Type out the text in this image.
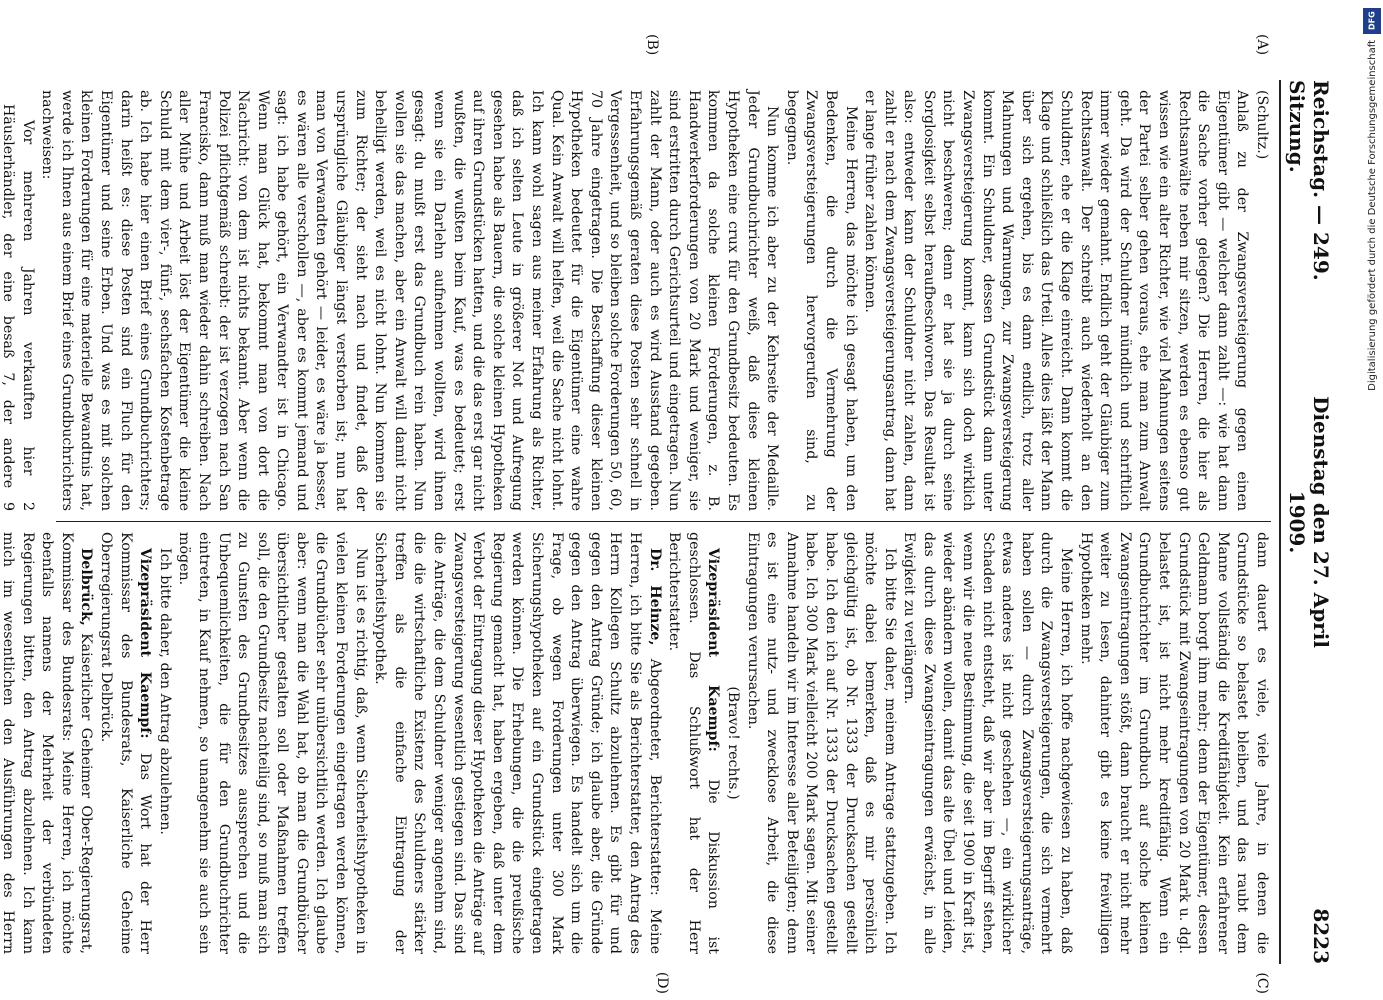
Reichstag. — 249. Sitzung.
Dienstag den 27. April 1909.
8223
(A)
(B)

(Schultz.)

Anlaß zu der Zwangsversteigerung gegen einen Eigentümer gibt — welcher dann zahlt —: wie hat dann die Sache vorher gelegen? Die Herren, die hier als Rechtsanwälte neben mir sitzen, werden es ebenso gut wissen wie ein alter Richter, wie viel Mahnungen seitens der Partei selber gehen voraus, ehe man zum Anwalt geht. Da wird der Schuldner mündlich und schriftlich immer wieder gemahnt. Endlich geht der Gläubiger zum Rechtsanwalt. Der schreibt auch wiederholt an den Schuldner, ehe er die Klage einreicht. Dann kommt die Klage und schließlich das Urteil. Alles dies läßt der Mann über sich ergehen, bis es dann endlich, trotz aller Mahnungen und Warnungen, zur Zwangsversteigerung kommt. Ein Schuldner, dessen Grundstück dann unter Zwangsversteigerung kommt, kann sich doch wirklich nicht beschweren; denn er hat sie ja durch seine Sorglosigkeit selbst heraufbeschworen. Das Resultat ist also: entweder kann der Schuldner nicht zahlen, dann zahlt er nach dem Zwangsversteigerungsantrag, dann hat er lange früher zahlen können.

Meine Herren, das möchte ich gesagt haben, um den Bedenken, die durch die Vermehrung der Zwangsversteigerungen hervorgerufen sind, zu begegnen.

Nun komme ich aber zu der Kehrseite der Medaille. Jeder Grundbuchrichter weiß, daß diese kleinen Hypotheken eine crux für den Grundbesitz bedeuten. Es kommen da solche kleinen Forderungen, z. B. Handwerkerforderungen von 20 Mark und weniger, sie sind erstritten durch Gerichtsurteil und eingetragen. Nun zahlt der Mann, oder auch es wird Ausstand gegeben. Erfahrungsgemäß geraten diese Posten sehr schnell in Vergessenheit, und so bleiben solche Forderungen 50, 60, 70 Jahre eingetragen. Die Beschaffung dieser kleinen Hypotheken bedeutet für die Eigentümer eine wahre Qual. Kein Anwalt will helfen, weil die Sache nicht lohnt. Ich kann wohl sagen aus meiner Erfahrung als Richter, daß ich selten Leute in größerer Not und Aufregung gesehen habe als Bauern, die solche kleinen Hypotheken auf ihren Grundstücken hatten, und die das erst gar nicht wußten, die wußten beim Kauf, was es bedeutet; erst wenn sie ein Darlehn aufnehmen wollten, wird ihnen gesagt: du mußt erst das Grundbuch rein haben. Nun wollen sie das machen, aber ein Anwalt will damit nicht behelligt werden, weil es nicht lohnt. Nun kommen sie zum Richter; der sieht nach und findet, daß der ursprüngliche Gläubiger längst verstorben ist; nun hat man von Verwandten gehört — leider, es wäre ja besser, es wären alle verschollen —, aber es kommt jemand und sagt: ich habe gehört, ein Verwandter ist in Chicago. Wenn man Glück hat, bekommt man von dort die Nachricht: von dem ist nichts bekannt. Aber wenn die Polizei pflichtgemäß schreibt: der ist verzogen nach San Francisko, dann muß man wieder dahin schreiben. Nach aller Mühe und Arbeit löst der Eigentümer die kleine Schuld mit dem vier-, fünf-, sechsfachen Kostenbetrage ab. Ich habe hier einen Brief eines Grundbuchrichters; darin heißt es: diese Posten sind ein Fluch für den Eigentümer und seine Erben. Und was es mit solchen kleinen Forderungen für eine materielle Bewandtnis hat, werde ich Ihnen aus einem Brief eines Grundbuchrichters nachweisen:

Vor mehreren Jahren verkauften hier 2 Häuslerhändler, der eine besaß 7, der andere 9

(C)
(D)

dann dauert es viele, viele Jahre, in denen die Grundstücke so belastet bleiben, und das raubt dem Manne vollständig die Kreditfähigkeit. Kein erfahrener Geldmann borgt ihm mehr; denn der Eigentümer, dessen Grundstück mit Zwangseintragungen von 20 Mark u. dgl. belastet ist, ist nicht mehr kreditfähig. Wenn ein Grundbuchrichter im Grundbuch auf solche kleinen Zwangseintragungen stößt, dann braucht er nicht mehr weiter zu lesen, dahinter gibt es keine freiwilligen Hypotheken mehr.

Meine Herren, ich hoffe nachgewiesen zu haben, daß durch die Zwangsversteigerungen, die sich vermehrt haben sollen — durch Zwangsversteigerungsanträge, etwas anderes ist nicht geschehen —, ein wirklicher Schaden nicht entsteht, daß wir aber im Begriff stehen, wenn wir die neue Bestimmung, die seit 1900 in Kraft ist, wieder abändern wollen, damit das alte Übel und Leiden, das durch diese Zwangseintragungen erwächst, in alle Ewigkeit zu verlängern.

Ich bitte Sie daher, meinem Antrage stattzugeben. Ich möchte dabei bemerken, daß es mir persönlich gleichgültig ist, ob Nr. 1333 der Drucksachen gestellt habe. Ich den ich auf Nr. 1333 der Drucksachen gestellt habe. Ich 300 Mark vielleicht 200 Mark sagen. Mit seiner Annahme handeln wir im Interesse aller Beteiligten; denn es ist eine nutz- und zwecklose Arbeit, die diese Eintragungen verursachen.

(Bravo! rechts.)

Vizepräsident Kaempf: Die Diskussion ist geschlossen. Das Schlußwort hat der Herr Berichterstatter.

Dr. Heinze, Abgeordneter, Berichterstatter: Meine Herren, ich bitte Sie als Berichterstatter, den Antrag des Herrn Kollegen Schultz abzulehnen. Es gibt für und gegen den Antrag Gründe; ich glaube aber, die Gründe gegen den Antrag überwiegen. Es handelt sich um die Frage, ob wegen Forderungen unter 300 Mark Sicherungshypotheken auf ein Grundstück eingetragen werden können. Die Erhebungen, die die preußische Regierung gemacht hat, haben ergeben, daß unter dem Verbot der Eintragung dieser Hypotheken die Anträge auf Zwangsversteigerung wesentlich gestiegen sind. Das sind die Anträge, die dem Schuldner weniger angenehm sind, die die wirtschaftliche Existenz des Schuldners stärker treffen als die einfache Eintragung der Sicherheitshypothek.

Nun ist es richtig, daß, wenn Sicherheitshypotheken in vielen kleinen Forderungen eingetragen werden können, die Grundbücher sehr unübersichtlich werden. Ich glaube aber: wenn man die Wahl hat, ob man die Grundbücher übersichtlicher gestalten soll oder Maßnahmen treffen soll, die den Grundbesitz nachteilig sind, so muß man sich zu Gunsten des Grundbesitzes aussprechen und die Unbequemlichkeiten, die für den Grundbuchrichter eintreten, in Kauf nehmen, so unangenehm sie auch sein mögen.

Ich bitte daher, den Antrag abzulehnen.

Vizepräsident Kaempf: Das Wort hat der Herr Kommissar des Bundesrats, Kaiserliche Geheime Oberregierungsrat Delbrück.

Delbrück, Kaiserlicher Geheimer Ober-Regierungsrat, Kommissar des Bundesrats: Meine Herren, ich möchte ebenfalls namens der Mehrheit der verbündeten Regierungen bitten, den Antrag abzulehnen. Ich kann mich im wesentlichen den Ausführungen des Herrn

DFG
Digitalisierung gefördert durch die Deutsche Forschungsgemeinschaft
